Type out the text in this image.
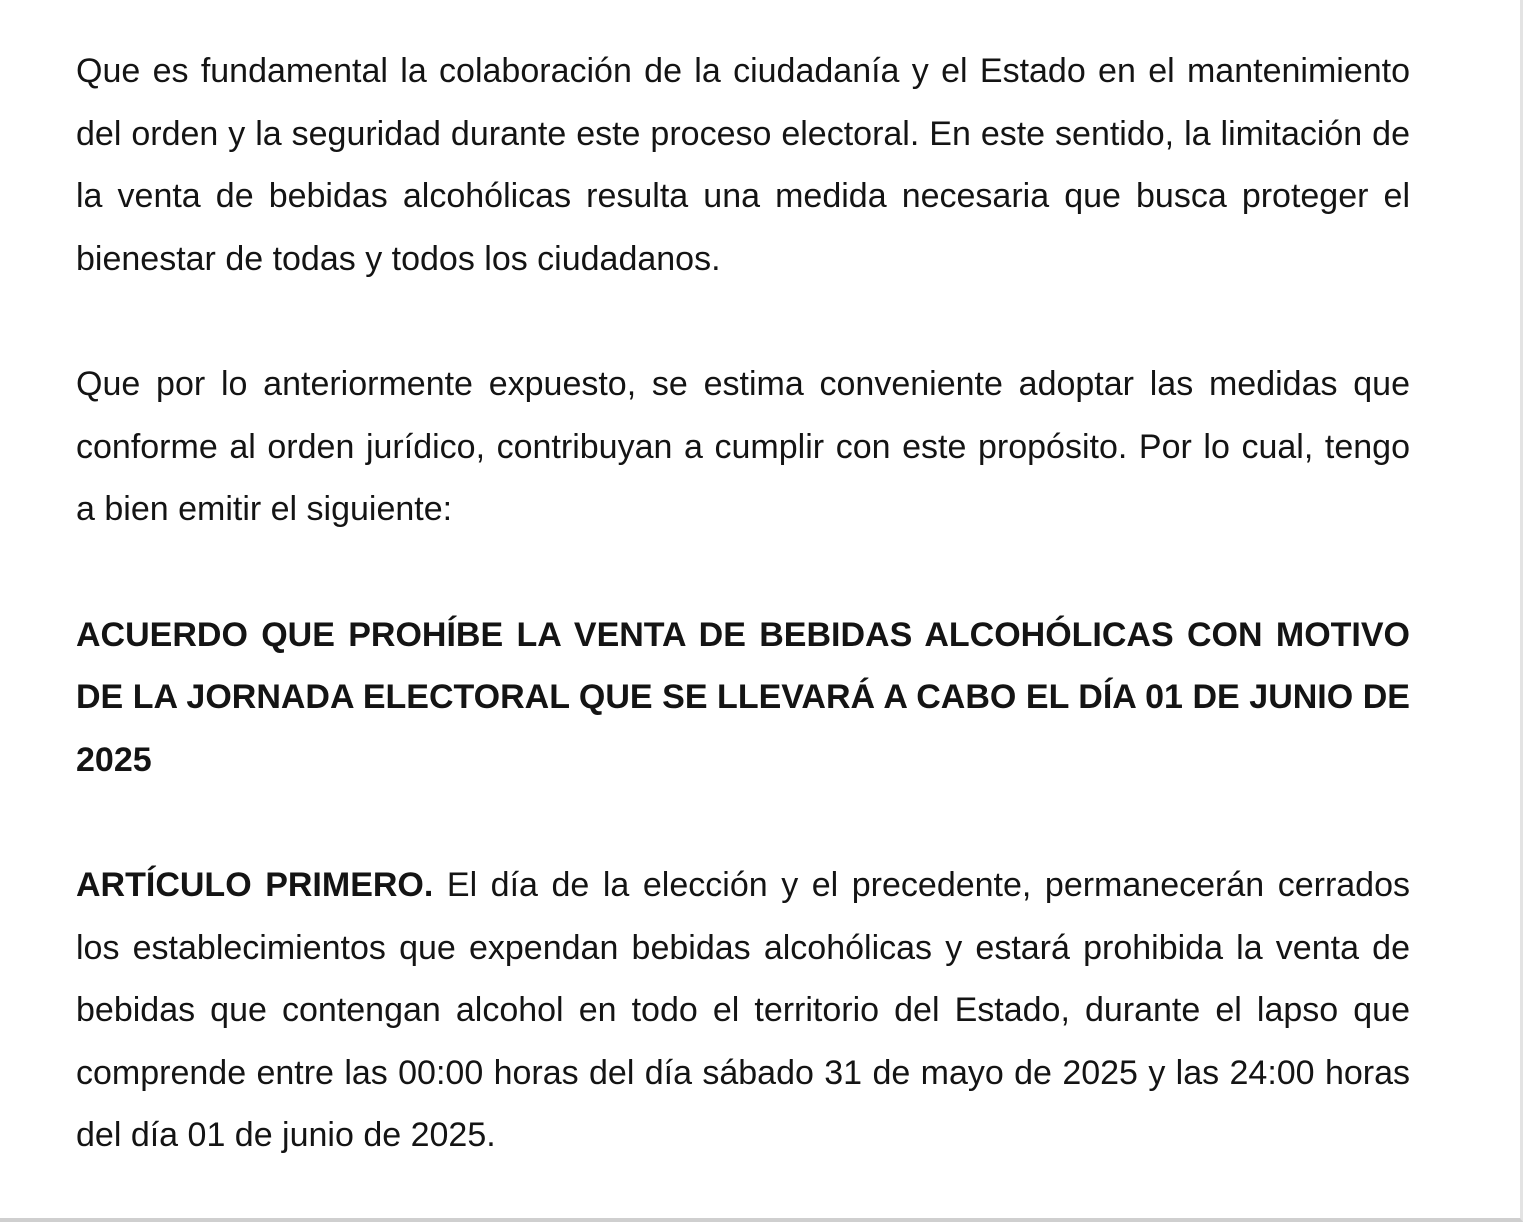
Que es fundamental la colaboración de la ciudadanía y el Estado en el mantenimiento del orden y la seguridad durante este proceso electoral. En este sentido, la limitación de la venta de bebidas alcohólicas resulta una medida necesaria que busca proteger el bienestar de todas y todos los ciudadanos.

Que por lo anteriormente expuesto, se estima conveniente adoptar las medidas que conforme al orden jurídico, contribuyan a cumplir con este propósito. Por lo cual, tengo a bien emitir el siguiente:

ACUERDO QUE PROHÍBE LA VENTA DE BEBIDAS ALCOHÓLICAS CON MOTIVO DE LA JORNADA ELECTORAL QUE SE LLEVARÁ A CABO EL DÍA 01 DE JUNIO DE 2025

ARTÍCULO PRIMERO. El día de la elección y el precedente, permanecerán cerrados los establecimientos que expendan bebidas alcohólicas y estará prohibida la venta de bebidas que contengan alcohol en todo el territorio del Estado, durante el lapso que comprende entre las 00:00 horas del día sábado 31 de mayo de 2025 y las 24:00 horas del día 01 de junio de 2025.
